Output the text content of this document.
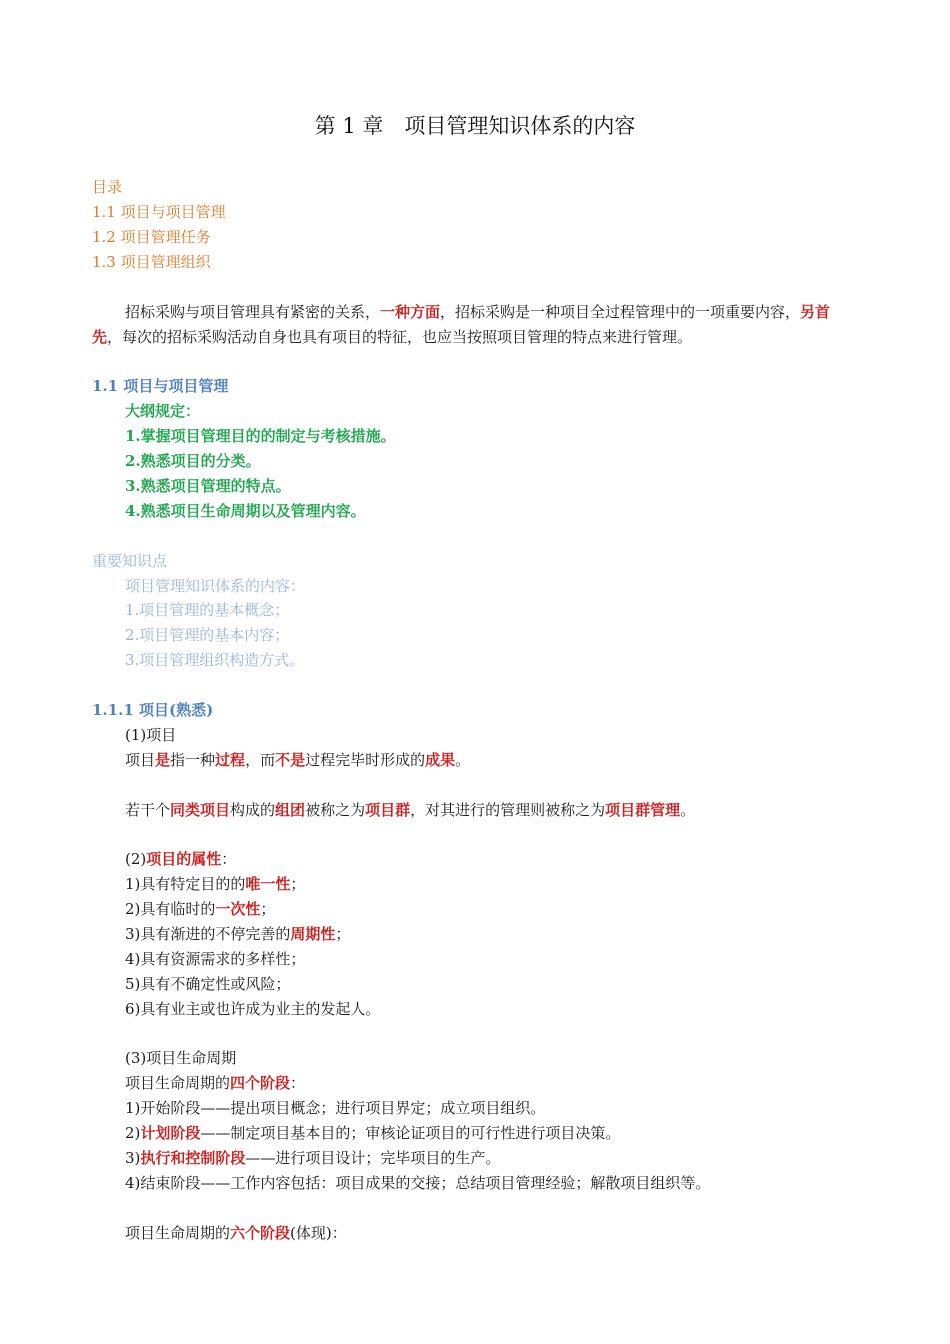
第 1 章　项目管理知识体系的内容
目录
1.1 项目与项目管理
1.2 项目管理任务
1.3 项目管理组织
招标采购与项目管理具有紧密的关系，一种方面，招标采购是一种项目全过程管理中的一项重要内容，另首先，每次的招标采购活动自身也具有项目的特征，也应当按照项目管理的特点来进行管理。
1.1 项目与项目管理
大纲规定：
1.掌握项目管理目的的制定与考核措施。
2.熟悉项目的分类。
3.熟悉项目管理的特点。
4.熟悉项目生命周期以及管理内容。
重要知识点
项目管理知识体系的内容：
1.项目管理的基本概念；
2.项目管理的基本内容；
3.项目管理组织构造方式。
1.1.1 项目(熟悉)
(1)项目
项目是指一种过程，而不是过程完毕时形成的成果。
若干个同类项目构成的组团被称之为项目群，对其进行的管理则被称之为项目群管理。
(2)项目的属性：
1)具有特定目的的唯一性；
2)具有临时的一次性；
3)具有渐进的不停完善的周期性；
4)具有资源需求的多样性；
5)具有不确定性或风险；
6)具有业主或也许成为业主的发起人。
(3)项目生命周期
项目生命周期的四个阶段：
1)开始阶段——提出项目概念；进行项目界定；成立项目组织。
2)计划阶段——制定项目基本目的；审核论证项目的可行性进行项目决策。
3)执行和控制阶段——进行项目设计；完毕项目的生产。
4)结束阶段——工作内容包括：项目成果的交接；总结项目管理经验；解散项目组织等。
项目生命周期的六个阶段(体现)：
